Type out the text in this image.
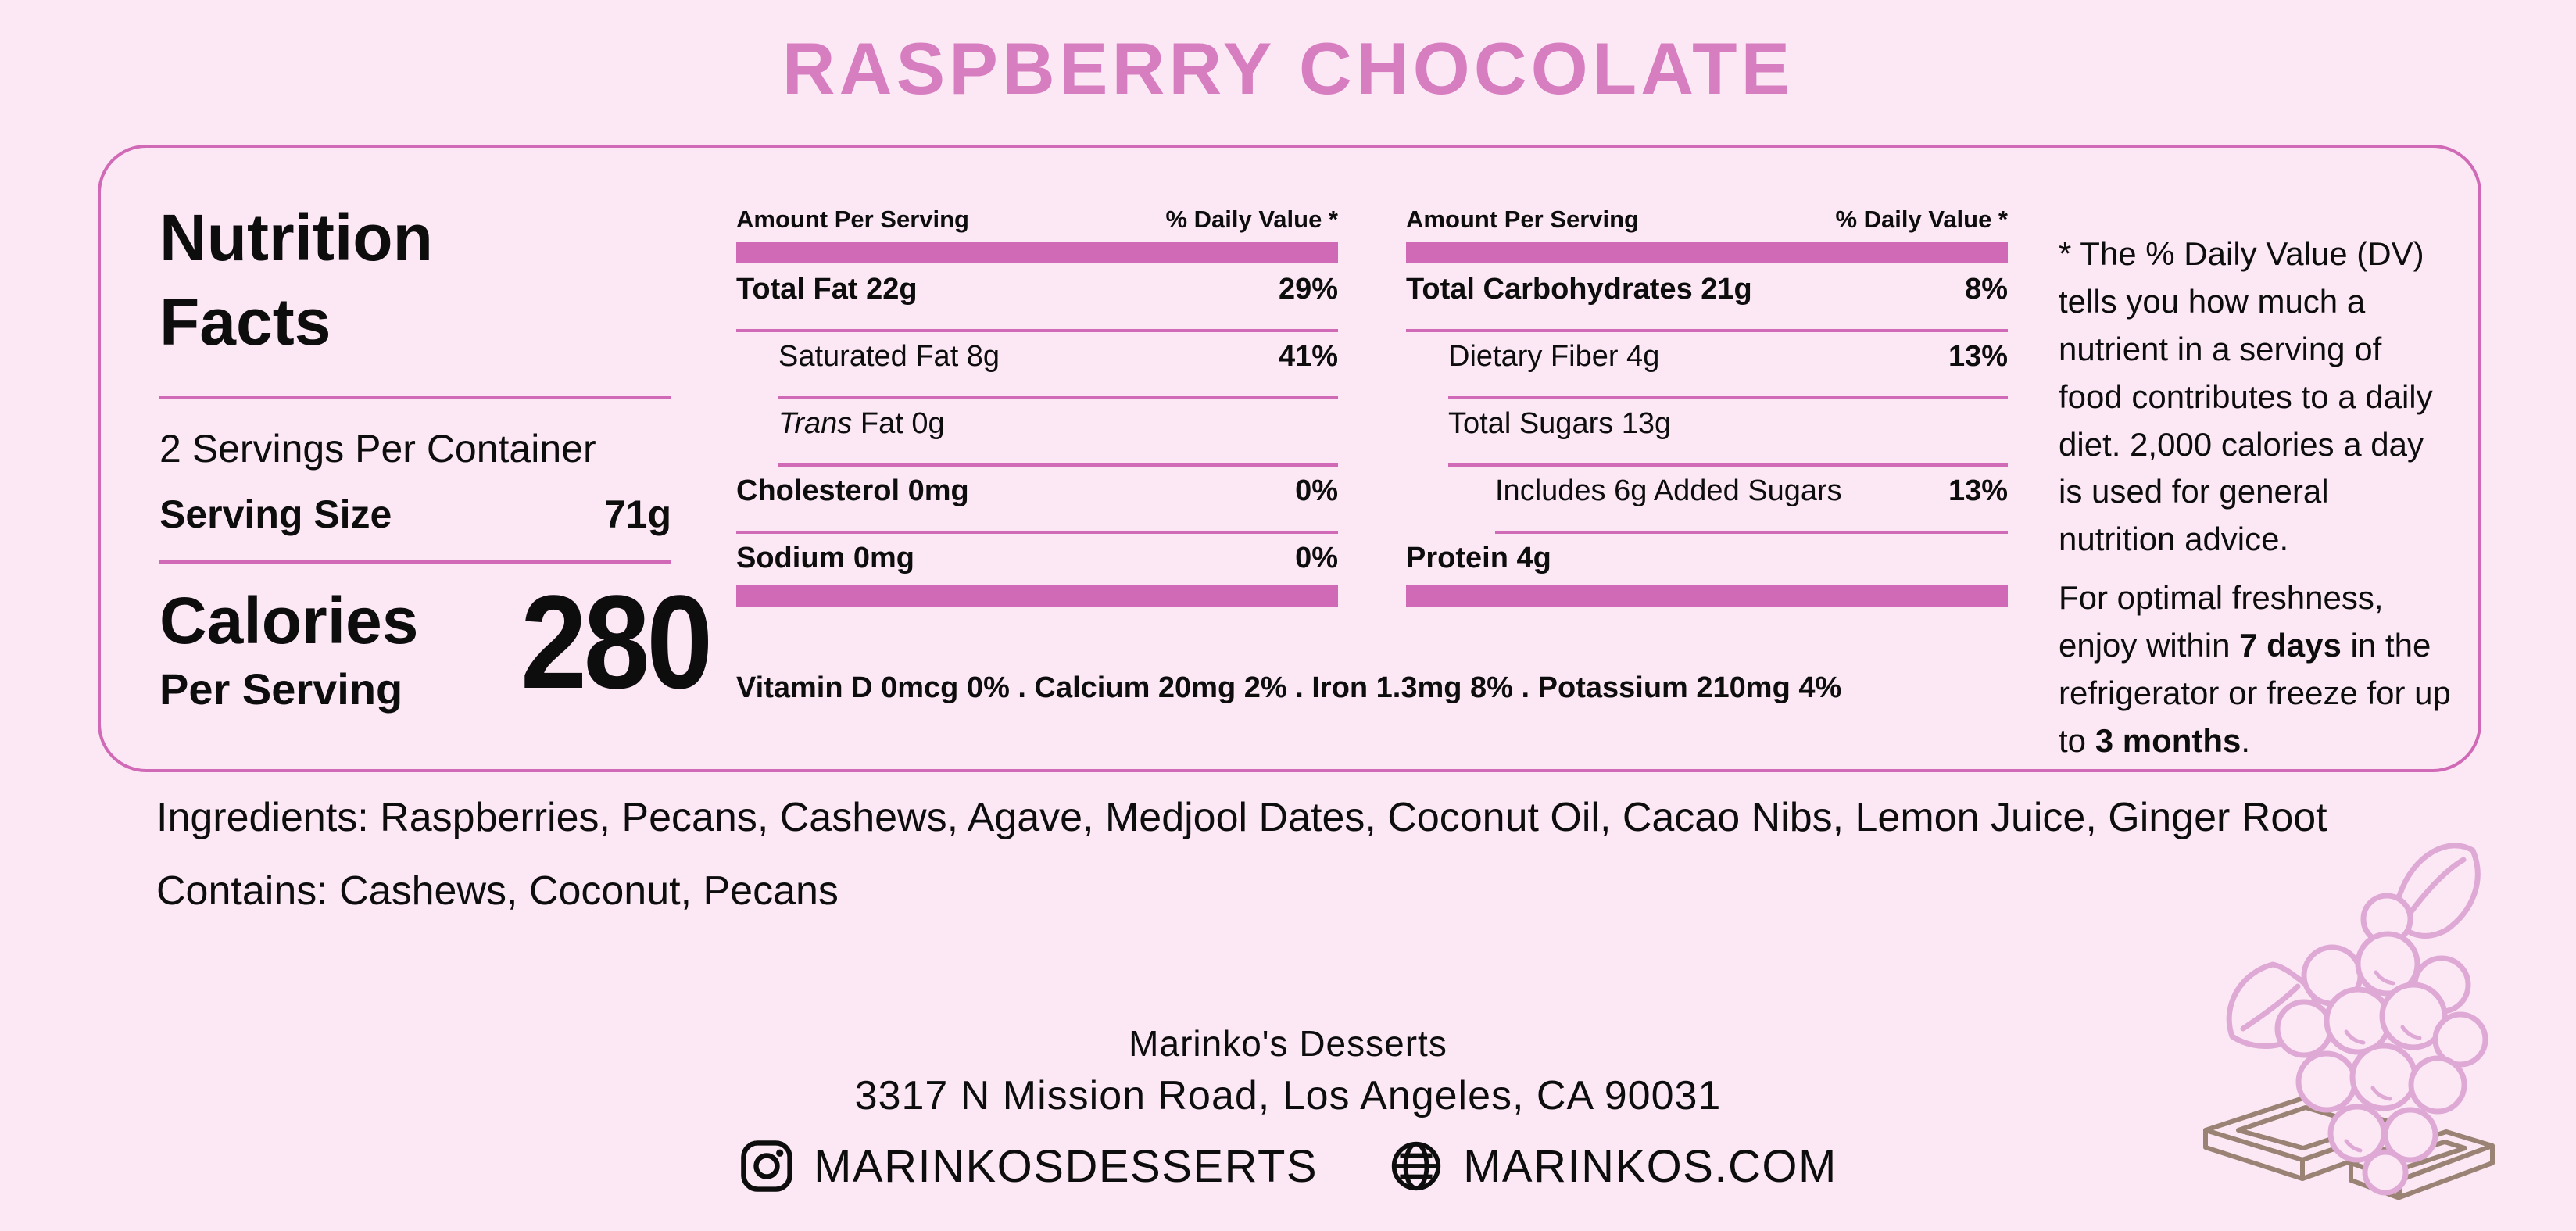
RASPBERRY CHOCOLATE
Nutrition
Facts
2 Servings Per Container
Serving Size	71g
Calories
Per Serving 280
Amount Per Serving	% Daily Value *
Total Fat 22g	29%
Saturated Fat 8g	41%
Trans Fat 0g
Cholesterol 0mg	0%
Sodium 0mg	0%
Amount Per Serving	% Daily Value *
Total Carbohydrates 21g	8%
Dietary Fiber 4g	13%
Total Sugars 13g
Includes 6g Added Sugars	13%
Protein 4g
Vitamin D 0mcg 0% . Calcium 20mg 2% . Iron 1.3mg 8% . Potassium 210mg 4%
* The % Daily Value (DV) tells you how much a nutrient in a serving of food contributes to a daily diet. 2,000 calories a day is used for general nutrition advice.
For optimal freshness, enjoy within 7 days in the refrigerator or freeze for up to 3 months.
Ingredients: Raspberries, Pecans, Cashews, Agave, Medjool Dates, Coconut Oil, Cacao Nibs, Lemon Juice, Ginger Root
Contains: Cashews, Coconut, Pecans
Marinko's Desserts
3317 N Mission Road, Los Angeles, CA 90031
MARINKOSDESSERTS	MARINKOS.COM
